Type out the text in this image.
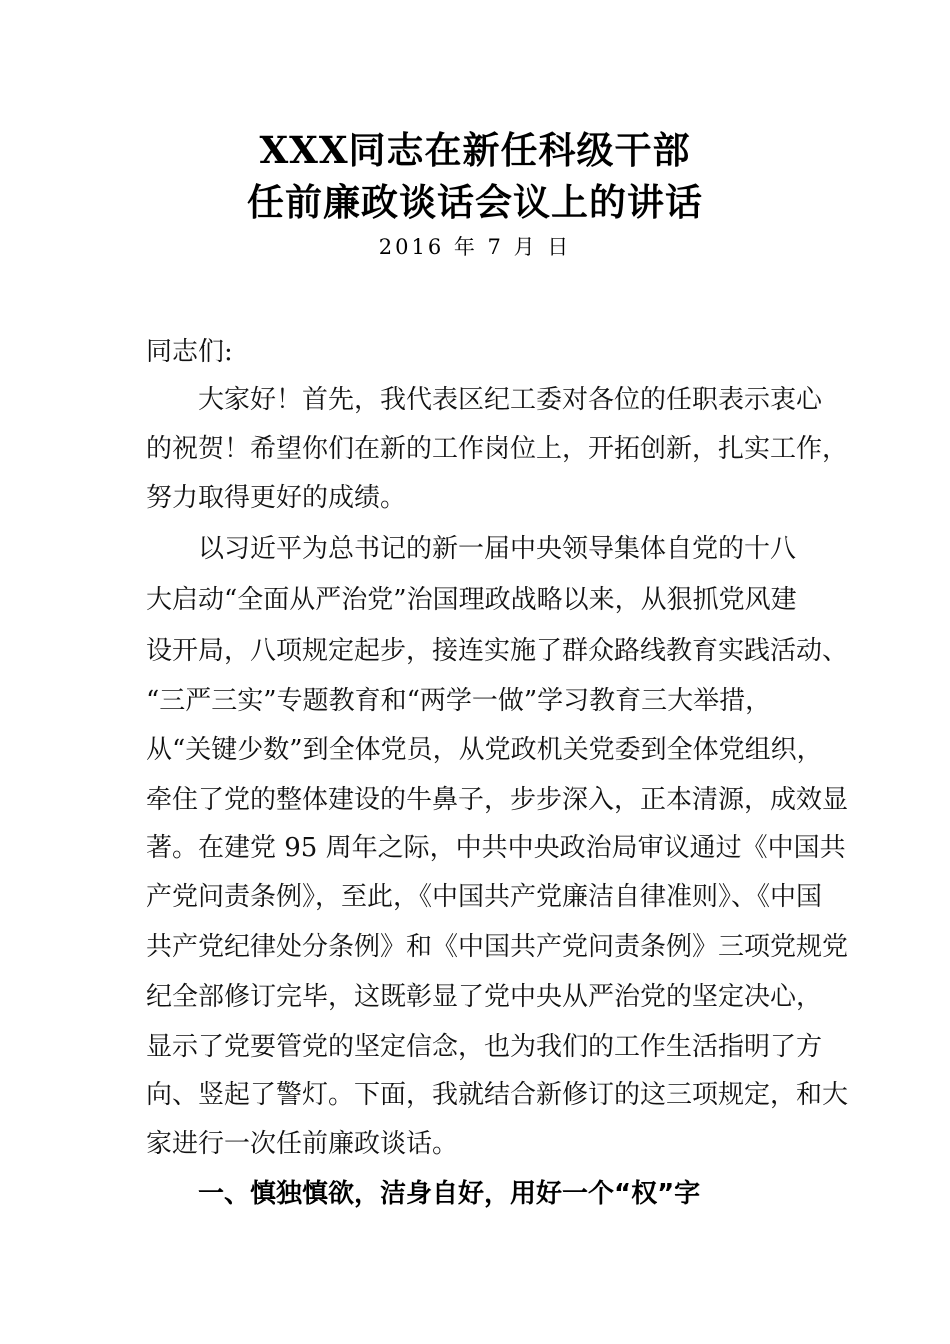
XXX同志在新任科级干部
任前廉政谈话会议上的讲话
2016 年 7 月 日
同志们:
大家好！首先，我代表区纪工委对各位的任职表示衷心
的祝贺！希望你们在新的工作岗位上，开拓创新，扎实工作，
努力取得更好的成绩。
以习近平为总书记的新一届中央领导集体自党的十八
大启动“全面从严治党”治国理政战略以来，从狠抓党风建
设开局，八项规定起步，接连实施了群众路线教育实践活动、
“三严三实”专题教育和“两学一做”学习教育三大举措，
从“关键少数”到全体党员，从党政机关党委到全体党组织，
牵住了党的整体建设的牛鼻子，步步深入，正本清源，成效显
著。在建党 95 周年之际，中共中央政治局审议通过《中国共
产党问责条例》，至此，《中国共产党廉洁自律准则》、《中国
共产党纪律处分条例》和《中国共产党问责条例》三项党规党
纪全部修订完毕，这既彰显了党中央从严治党的坚定决心，
显示了党要管党的坚定信念，也为我们的工作生活指明了方
向、竖起了警灯。下面，我就结合新修订的这三项规定，和大
家进行一次任前廉政谈话。
一、慎独慎欲，洁身自好，用好一个“权”字
